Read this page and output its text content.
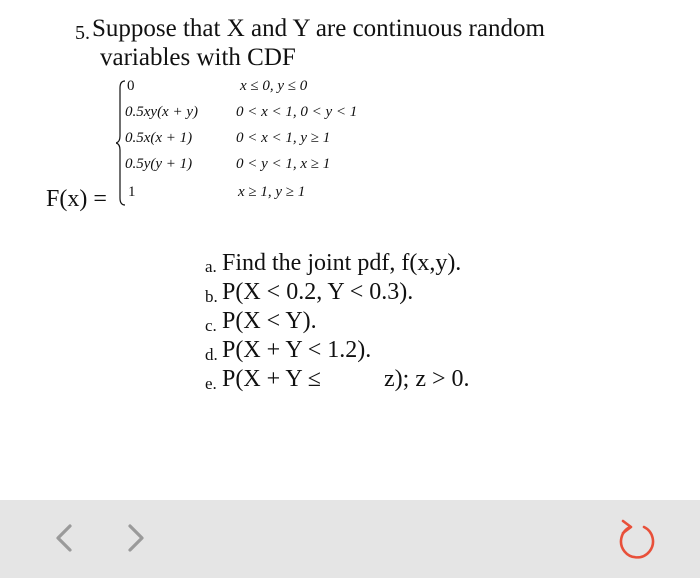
5. Suppose that X and Y are continuous random
variables with CDF
0	x ≤ 0, y ≤ 0
0.5xy(x + y)	0 < x < 1, 0 < y < 1
0.5x(x + 1)	0 < x < 1, y ≥ 1
0.5y(y + 1)	0 < y < 1, x ≥ 1
1	x ≥ 1, y ≥ 1
F(x) =
a. Find the joint pdf, f(x,y).
b. P(X < 0.2, Y < 0.3).
c. P(X < Y).
d. P(X + Y < 1.2).
e. P(X + Y ≤	z); z > 0.
